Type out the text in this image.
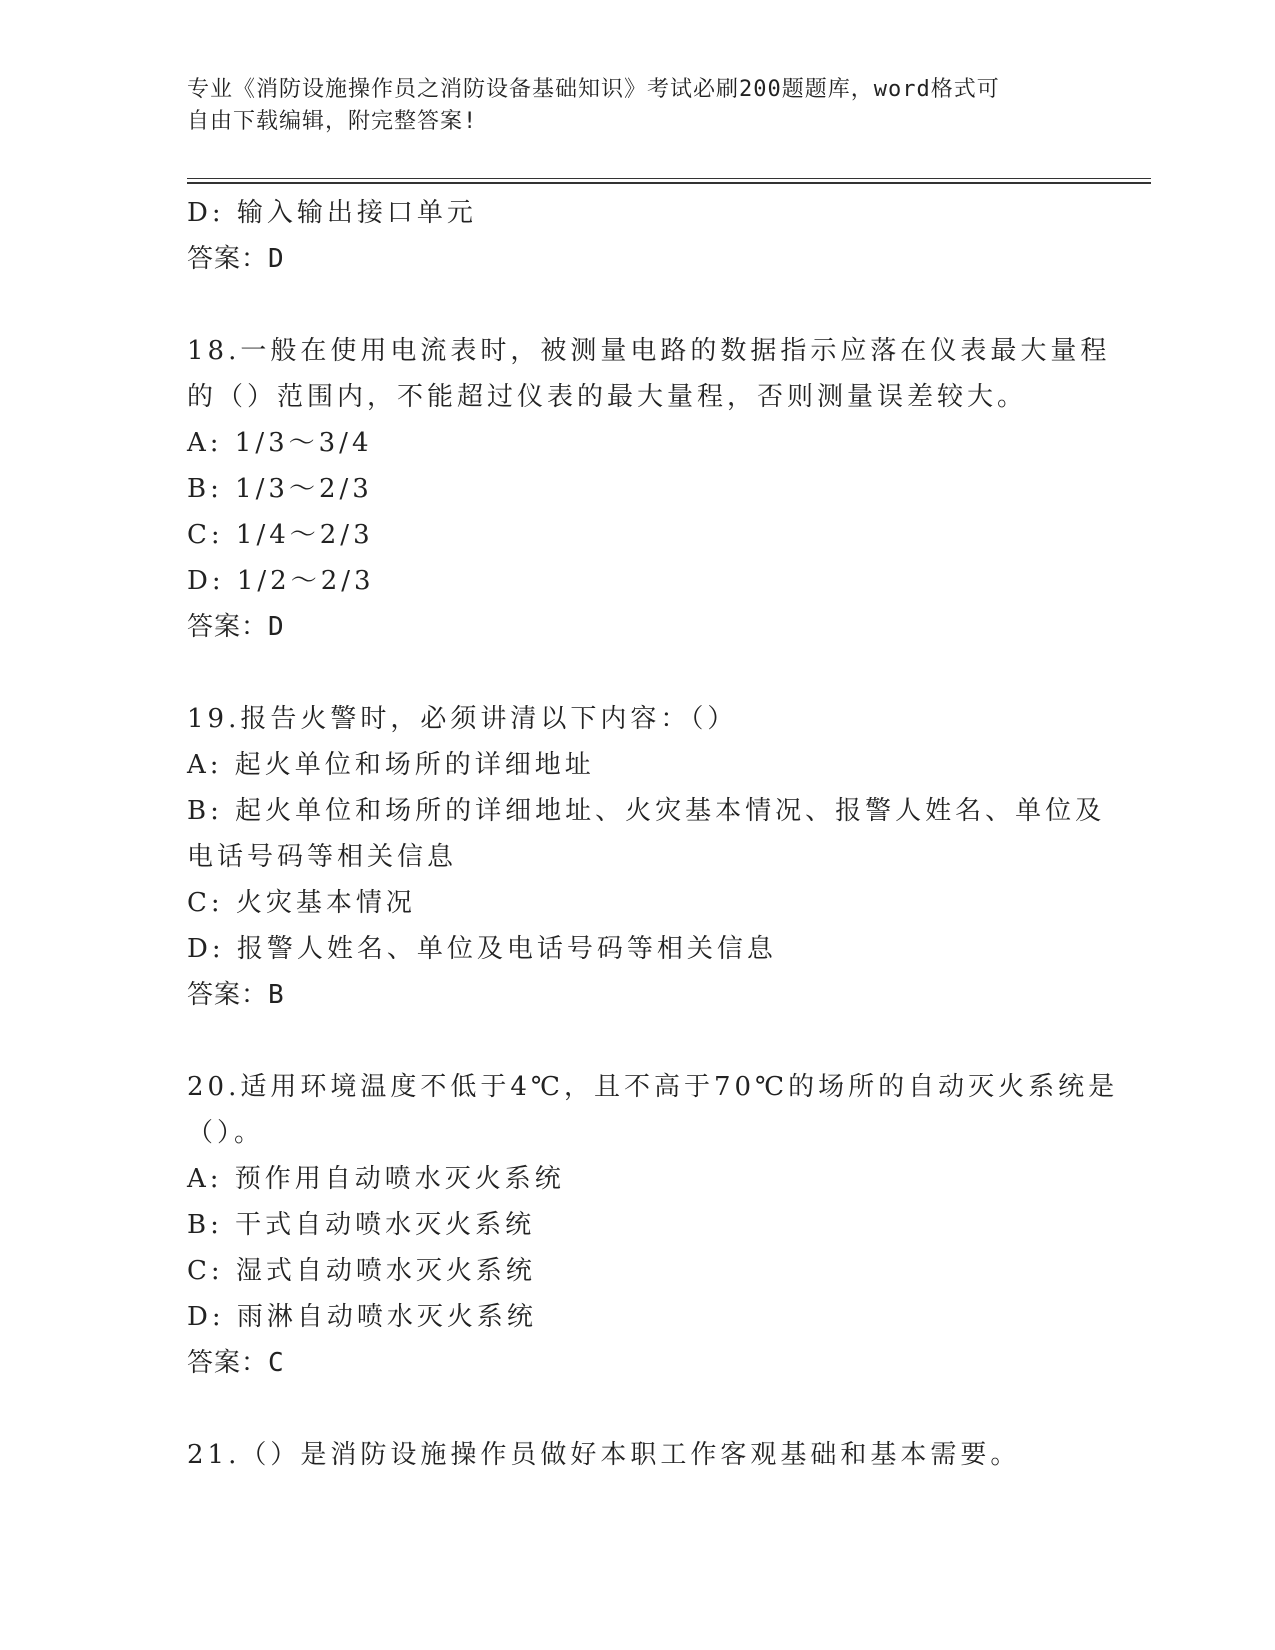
专业《消防设施操作员之消防设备基础知识》考试必刷200题题库，word格式可
自由下载编辑，附完整答案!
D: 输入输出接口单元
答案：D
18.一般在使用电流表时，被测量电路的数据指示应落在仪表最大量程
的（）范围内，不能超过仪表的最大量程，否则测量误差较大。
A: 1/3～3/4
B: 1/3～2/3
C: 1/4～2/3
D: 1/2～2/3
答案：D
19.报告火警时，必须讲清以下内容：（）
A: 起火单位和场所的详细地址
B: 起火单位和场所的详细地址、火灾基本情况、报警人姓名、单位及
电话号码等相关信息
C: 火灾基本情况
D: 报警人姓名、单位及电话号码等相关信息
答案：B
20.适用环境温度不低于4℃，且不高于70℃的场所的自动灭火系统是
（）。
A: 预作用自动喷水灭火系统
B: 干式自动喷水灭火系统
C: 湿式自动喷水灭火系统
D: 雨淋自动喷水灭火系统
答案：C
21.（）是消防设施操作员做好本职工作客观基础和基本需要。
